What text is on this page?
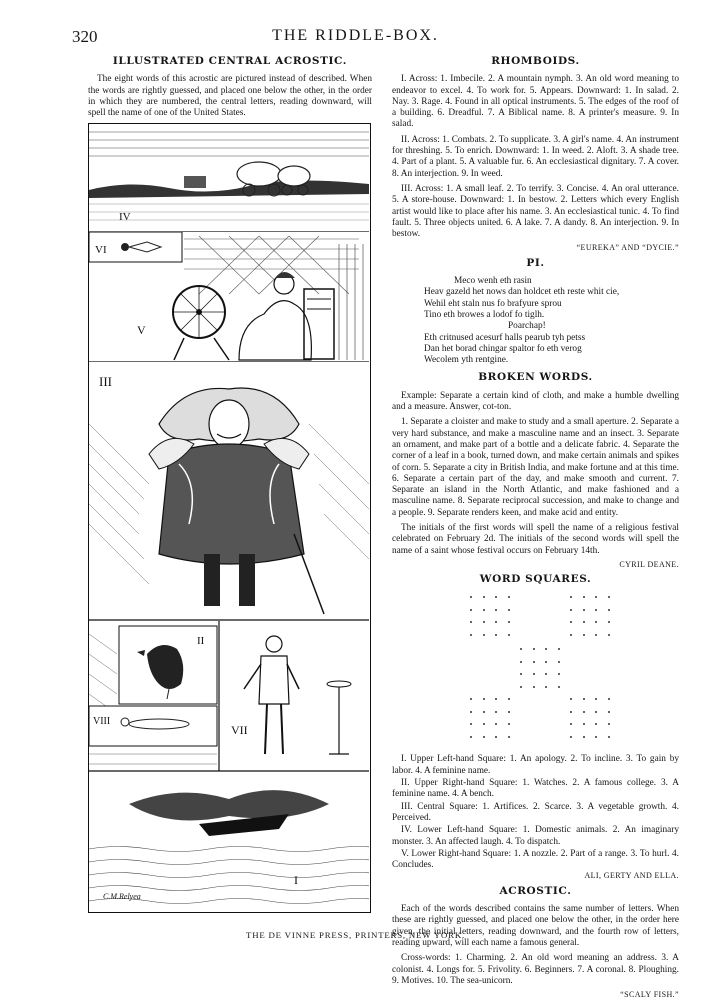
320	THE RIDDLE-BOX.
ILLUSTRATED CENTRAL ACROSTIC.

The eight words of this acrostic are pictured instead of described. When the words are rightly guessed, and placed one below the other, in the order in which they are numbered, the central letters, reading downward, will spell the name of one of the United States.

IV
VI
V
III
II
VIII
VII
C.M.Relyea
I
RHOMBOIDS.

I. Across: 1. Imbecile. 2. A mountain nymph. 3. An old word meaning to endeavor to excel. 4. To work for. 5. Appears. Downward: 1. In salad. 2. Nay. 3. Rage. 4. Found in all optical instruments. 5. The edges of the roof of a building. 6. Dreadful. 7. A Biblical name. 8. A printer's measure. 9. In salad.

II. Across: 1. Combats. 2. To supplicate. 3. A girl's name. 4. An instrument for threshing. 5. To enrich. Downward: 1. In weed. 2. Aloft. 3. A shade tree. 4. Part of a plant. 5. A valuable fur. 6. An ecclesiastical dignitary. 7. A cover. 8. An interjection. 9. In weed.

III. Across: 1. A small leaf. 2. To terrify. 3. Concise. 4. An oral utterance. 5. A store-house. Downward: 1. In bestow. 2. Letters which every English artist would like to place after his name. 3. An ecclesiastical tunic. 4. To find fault. 5. Three objects united. 6. A lake. 7. A dandy. 8. An interjection. 9. In bestow.

“EUREKA” AND “DYCIE.”
PI.
Meco wenh eth rasin
Heav gazeld het nows dan holdcet eth reste whit cie,
Wehil eht staln nus fo brafyure sprou
Tino eth browes a lodof fo tiglh.
Poarchap!
Eth critnused acesurf halls pearub tyh petss
Dan het borad chingar spaltor fo eth verog
Wecolem yth rentgine.
BROKEN WORDS.

Example: Separate a certain kind of cloth, and make a humble dwelling and a measure. Answer, cot-ton.

1. Separate a cloister and make to study and a small aperture. 2. Separate a very hard substance, and make a masculine name and an insect. 3. Separate an ornament, and make part of a bottle and a delicate fabric. 4. Separate the corner of a leaf in a book, turned down, and make certain animals and spikes of corn. 5. Separate a city in British India, and make fortune and at this time. 6. Separate a certain part of the day, and make smooth and current. 7. Separate an island in the North Atlantic, and make fashioned and a masculine name. 8. Separate reciprocal succession, and make to change and a people. 9. Separate renders keen, and make acid and entity.

The initials of the first words will spell the name of a religious festival celebrated on February 2d. The initials of the second words will spell the name of a saint whose festival occurs on February 14th.

CYRIL DEANE.
WORD SQUARES.

I. Upper Left-hand Square: 1. An apology. 2. To incline. 3. To gain by labor. 4. A feminine name.

II. Upper Right-hand Square: 1. Watches. 2. A famous college. 3. A feminine name. 4. A bench.

III. Central Square: 1. Artifices. 2. Scarce. 3. A vegetable growth. 4. Perceived.

IV. Lower Left-hand Square: 1. Domestic animals. 2. An imaginary monster. 3. An affected laugh. 4. To dispatch.

V. Lower Right-hand Square: 1. A nozzle. 2. Part of a range. 3. To hurl. 4. Concludes.

ALI, GERTY AND ELLA.
ACROSTIC.

Each of the words described contains the same number of letters. When these are rightly guessed, and placed one below the other, in the order here given, the initial letters, reading downward, and the fourth row of letters, reading upward, will each name a famous general.

Cross-words: 1. Charming. 2. An old word meaning an address. 3. A colonist. 4. Longs for. 5. Frivolity. 6. Beginners. 7. A coronal. 8. Ploughing. 9. Motives. 10. The sea-unicorn.

“SCALY FISH.”
THE DE VINNE PRESS, PRINTERS, NEW YORK.
